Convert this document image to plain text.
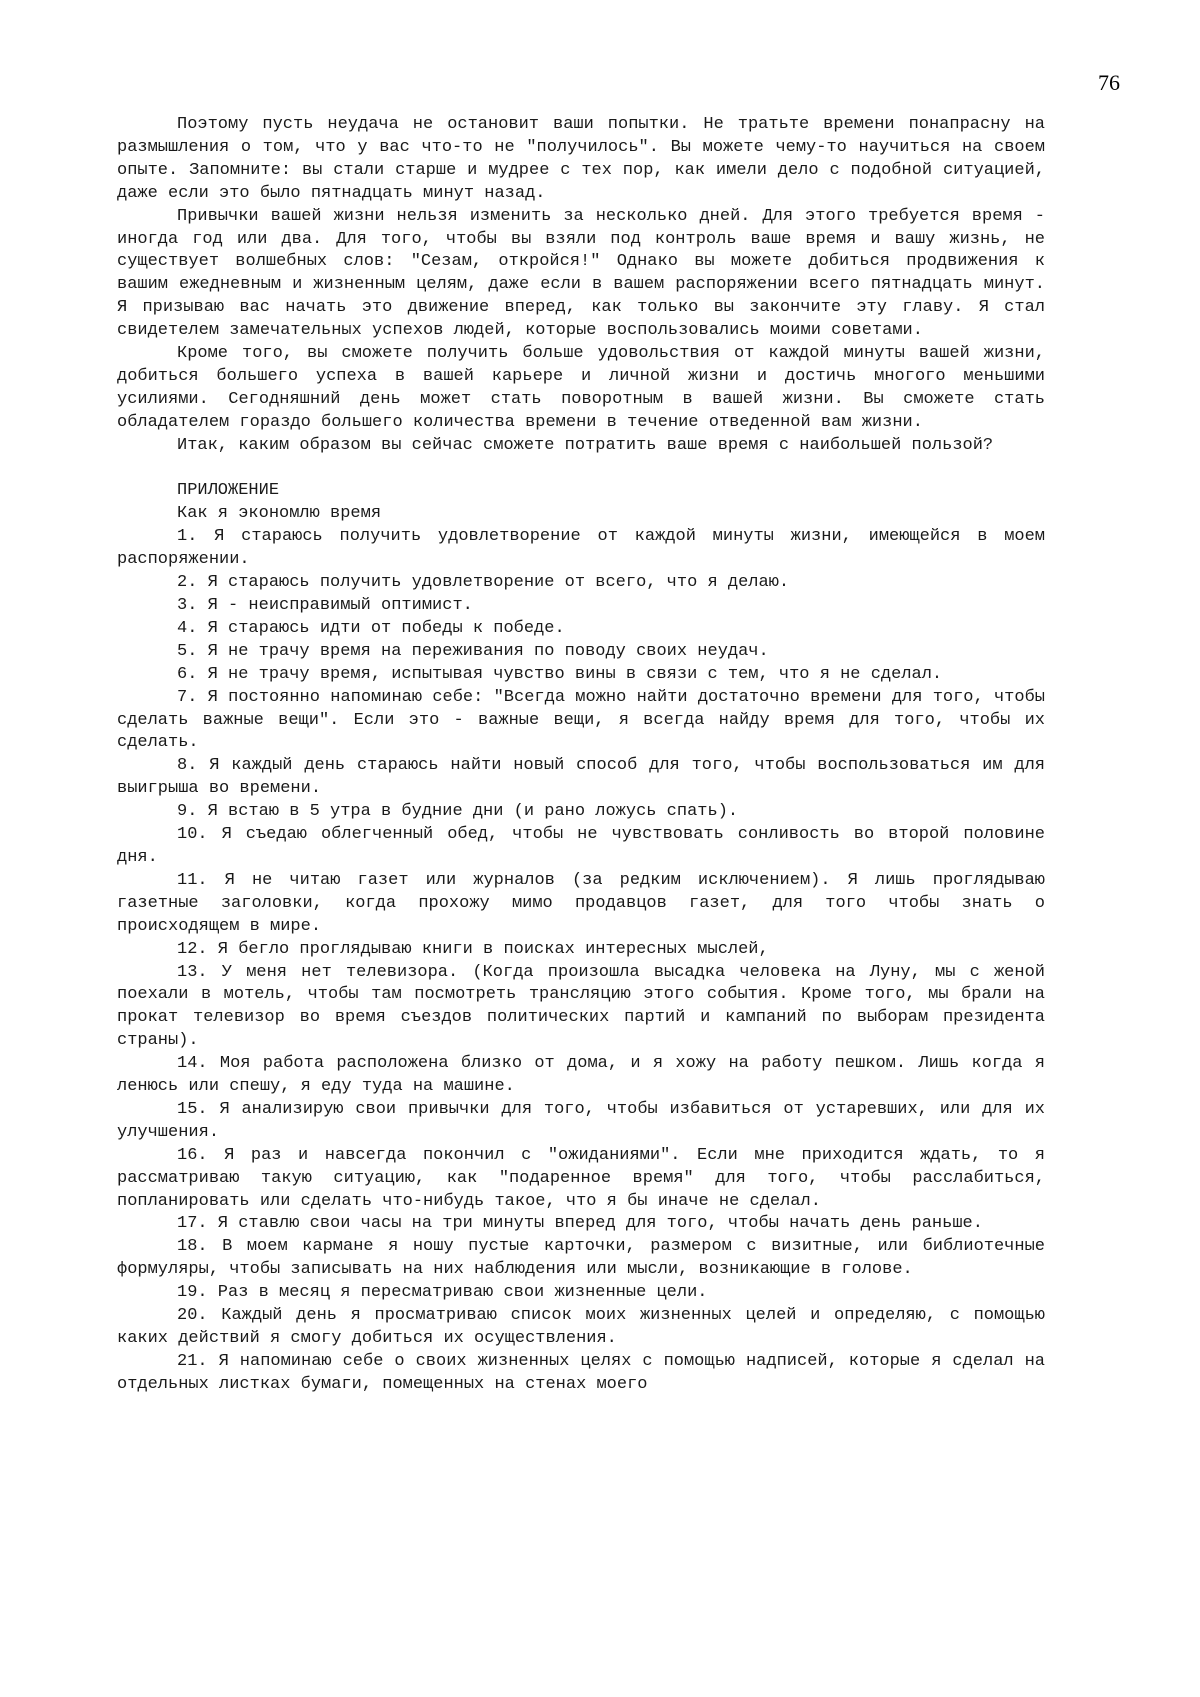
76

Поэтому пусть неудача не остановит ваши попытки. Не тратьте времени понапрасну на размышления о том, что у вас что-то не "получилось". Вы можете чему-то научиться на своем опыте. Запомните: вы стали старше и мудрее с тех пор, как имели дело с подобной ситуацией, даже если это было пятнадцать минут назад.

Привычки вашей жизни нельзя изменить за несколько дней. Для этого требуется время - иногда год или два. Для того, чтобы вы взяли под контроль ваше время и вашу жизнь, не существует волшебных слов: "Сезам, откройся!" Однако вы можете добиться продвижения к вашим ежедневным и жизненным целям, даже если в вашем распоряжении всего пятнадцать минут. Я призываю вас начать это движение вперед, как только вы закончите эту главу. Я стал свидетелем замечательных успехов людей, которые воспользовались моими советами.

Кроме того, вы сможете получить больше удовольствия от каждой минуты вашей жизни, добиться большего успеха в вашей карьере и личной жизни и достичь многого меньшими усилиями. Сегодняшний день может стать поворотным в вашей жизни. Вы сможете стать обладателем гораздо большего количества времени в течение отведенной вам жизни.

Итак, каким образом вы сейчас сможете потратить ваше время с наибольшей пользой?

ПРИЛОЖЕНИЕ

Как я экономлю время

1. Я стараюсь получить удовлетворение от каждой минуты жизни, имеющейся в моем распоряжении.

2. Я стараюсь получить удовлетворение от всего, что я делаю.

3. Я - неисправимый оптимист.

4. Я стараюсь идти от победы к победе.

5. Я не трачу время на переживания по поводу своих неудач.

6. Я не трачу время, испытывая чувство вины в связи с тем, что я не сделал.

7. Я постоянно напоминаю себе: "Всегда можно найти достаточно времени для того, чтобы сделать важные вещи". Если это - важные вещи, я всегда найду время для того, чтобы их сделать.

8. Я каждый день стараюсь найти новый способ для того, чтобы воспользоваться им для выигрыша во времени.

9. Я встаю в 5 утра в будние дни (и рано ложусь спать).

10. Я съедаю облегченный обед, чтобы не чувствовать сонливость во второй половине дня.

11. Я не читаю газет или журналов (за редким исключением). Я лишь проглядываю газетные заголовки, когда прохожу мимо продавцов газет, для того чтобы знать о происходящем в мире.

12. Я бегло проглядываю книги в поисках интересных мыслей,

13. У меня нет телевизора. (Когда произошла высадка человека на Луну, мы с женой поехали в мотель, чтобы там посмотреть трансляцию этого события. Кроме того, мы брали на прокат телевизор во время съездов политических партий и кампаний по выборам президента страны).

14. Моя работа расположена близко от дома, и я хожу на работу пешком. Лишь когда я ленюсь или спешу, я еду туда на машине.

15. Я анализирую свои привычки для того, чтобы избавиться от устаревших, или для их улучшения.

16. Я раз и навсегда покончил с "ожиданиями". Если мне приходится ждать, то я рассматриваю такую ситуацию, как "подаренное время" для того, чтобы расслабиться, попланировать или сделать что-нибудь такое, что я бы иначе не сделал.

17. Я ставлю свои часы на три минуты вперед для того, чтобы начать день раньше.

18. В моем кармане я ношу пустые карточки, размером с визитные, или библиотечные формуляры, чтобы записывать на них наблюдения или мысли, возникающие в голове.

19. Раз в месяц я пересматриваю свои жизненные цели.

20. Каждый день я просматриваю список моих жизненных целей и определяю, с помощью каких действий я смогу добиться их осуществления.

21. Я напоминаю себе о своих жизненных целях с помощью надписей, которые я сделал на отдельных листках бумаги, помещенных на стенах моего
